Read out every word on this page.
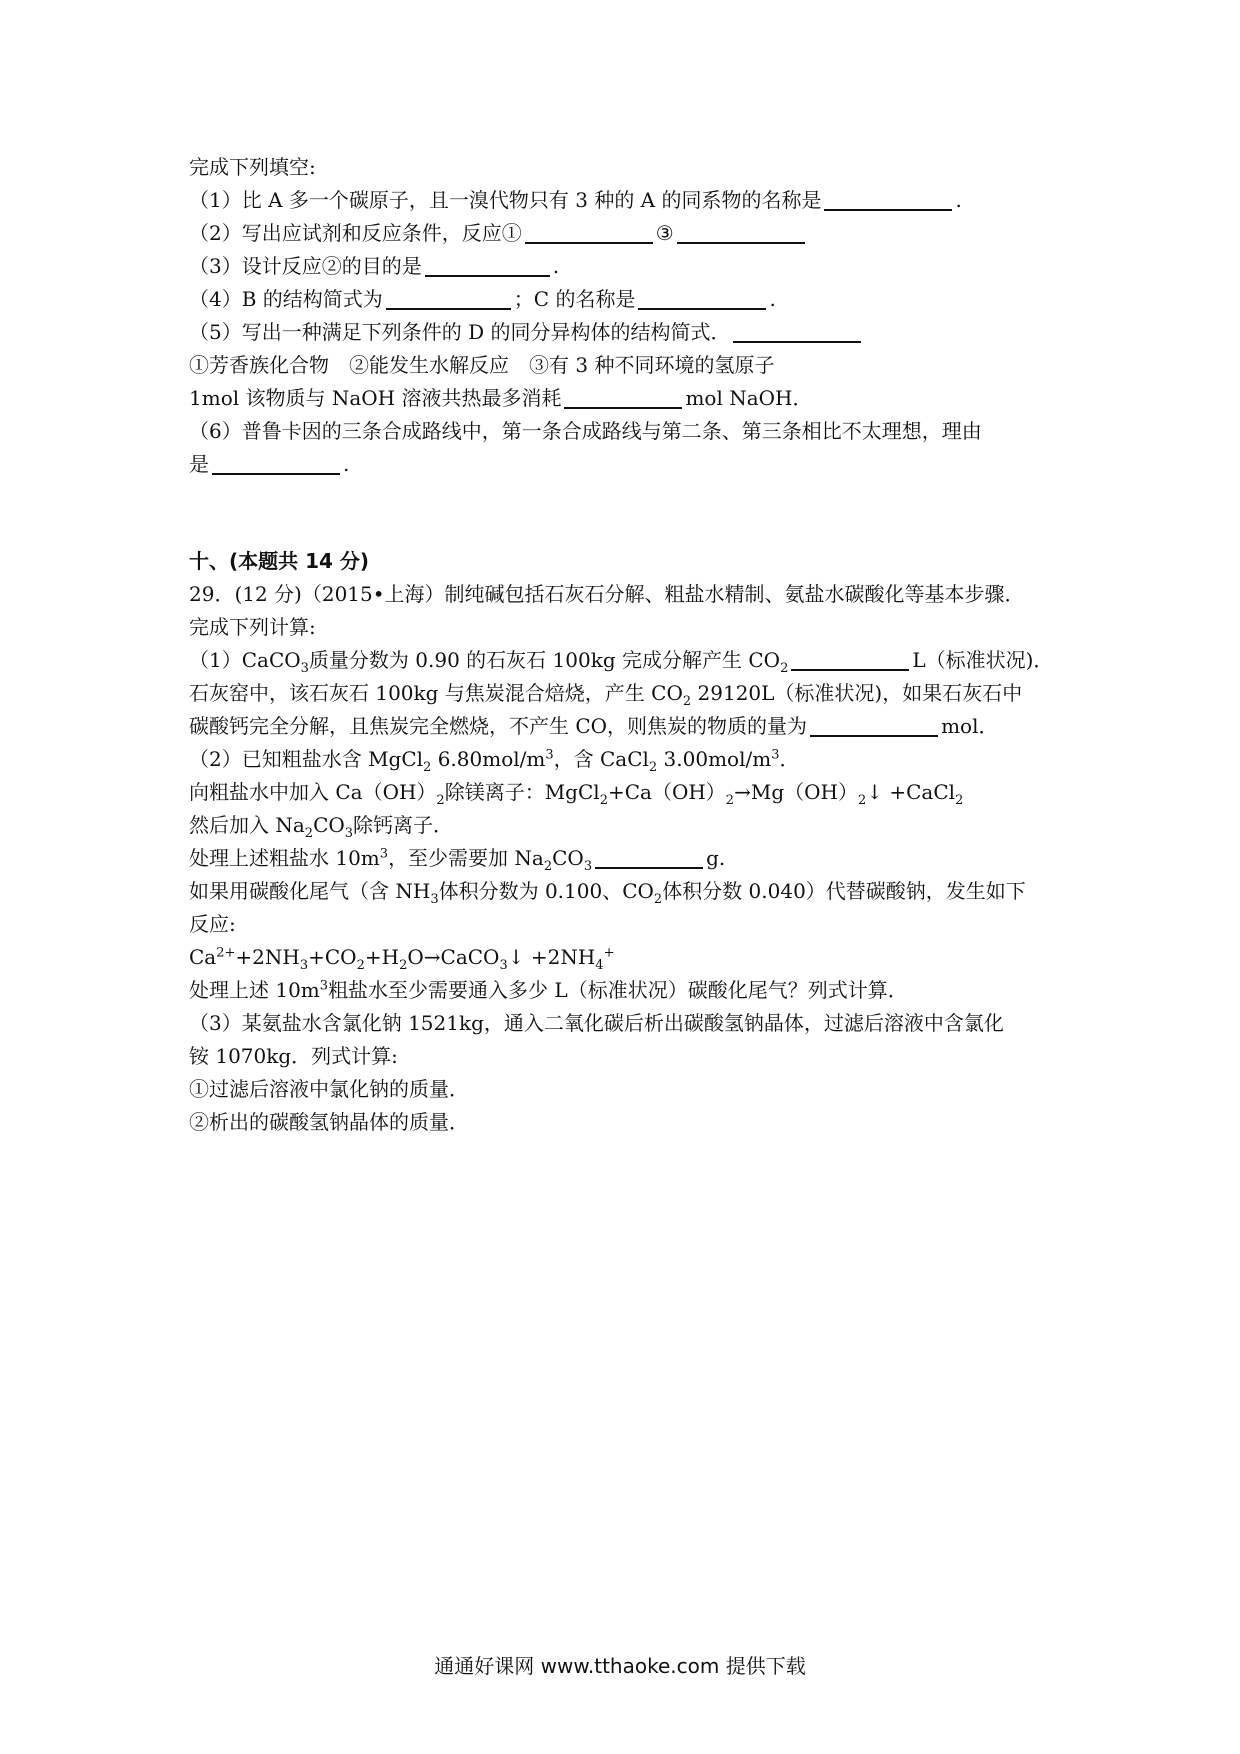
完成下列填空:
（1）比 A 多一个碳原子，且一溴代物只有 3 种的 A 的同系物的名称是	.
（2）写出应试剂和反应条件，反应①	③
（3）设计反应②的目的是	.
（4）B 的结构简式为	；C 的名称是	.
（5）写出一种满足下列条件的 D 的同分异构体的结构简式．
①芳香族化合物　②能发生水解反应　③有 3 种不同环境的氢原子
1mol 该物质与 NaOH 溶液共热最多消耗	mol NaOH．
（6）普鲁卡因的三条合成路线中，第一条合成路线与第二条、第三条相比不太理想，理由
是	.
十、(本题共 14 分)
29．(12 分)（2015•上海）制纯碱包括石灰石分解、粗盐水精制、氨盐水碳酸化等基本步骤．
完成下列计算:
（1）CaCO$_3$质量分数为 0.90 的石灰石 100kg 完成分解产生 $CO_2$	L（标准状况)．
石灰窑中，该石灰石 100kg 与焦炭混合焙烧，产生 $CO_2$ 29120L（标准状况)，如果石灰石中
碳酸钙完全分解，且焦炭完全燃烧，不产生 CO，则焦炭的物质的量为	mol．
（2）已知粗盐水含 MgCl$_2$ $6.80mol/m^3$，含 CaCl$_2$ $3.00mol/m^3$．
向粗盐水中加入 $Ca(OH)_2$除镁离子：$MgCl_2+Ca(OH)_2\to Mg(OH)_2↓$ +CaCl$_2$
然后加入 $Na_2CO_3$除钙离子．
处理上述粗盐水 $10m^3$，至少需要加 $Na_2CO_3$	g.
如果用碳酸化尾气（含 $NH_3$体积分数为 0.100、$CO_2$体积分数 0.040）代替碳酸钠，发生如下
反应:
$Ca^{2+}+2NH_3+CO_2+H_2O\to CaCO_3↓ +2NH_4^+$
处理上述 $10m^3$粗盐水至少需要通入多少 L（标准状况）碳酸化尾气？列式计算．
（3）某氨盐水含氯化钠 1521kg，通入二氧化碳后析出碳酸氢钠晶体，过滤后溶液中含氯化
铵 1070kg．列式计算:
①过滤后溶液中氯化钠的质量．
②析出的碳酸氢钠晶体的质量．
通通好课网 www.tthaoke.com 提供下载
